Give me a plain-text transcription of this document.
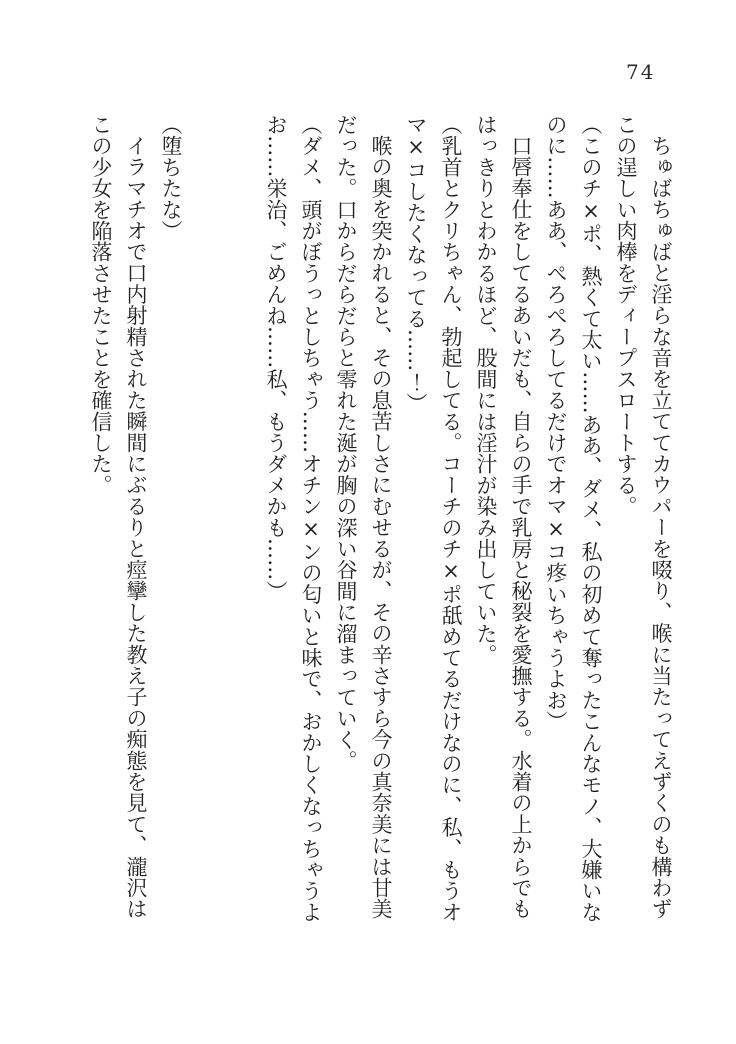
74
ちゅばちゅばと淫らな音を立ててカウパーを啜り、喉に当たってえずくのも構わず
この逞しい肉棒をディープスロートする。
（このチ×ポ、熱くて太い……ああ、ダメ、私の初めて奪ったこんなモノ、大嫌いな
のに……ああ、ぺろぺろしてるだけでオマ×コ疼いちゃうよお）
口唇奉仕をしてるあいだも、自らの手で乳房と秘裂を愛撫する。水着の上からでも
はっきりとわかるほど、股間には淫汁が染み出していた。
（乳首とクリちゃん、勃起してる。コーチのチ×ポ舐めてるだけなのに、私、もうオ
マ×コしたくなってる……！）
喉の奥を突かれると、その息苦しさにむせるが、その辛さすら今の真奈美には甘美
だった。口からだらだらと零れた涎が胸の深い谷間に溜まっていく。
（ダメ、頭がぼうっとしちゃう……オチン×ンの匂いと味で、おかしくなっちゃうよ
お……栄治、ごめんね……私、もうダメかも……）
（堕ちたな）
イラマチオで口内射精された瞬間にぶるりと痙攣した教え子の痴態を見て、瀧沢は
この少女を陥落させたことを確信した。
